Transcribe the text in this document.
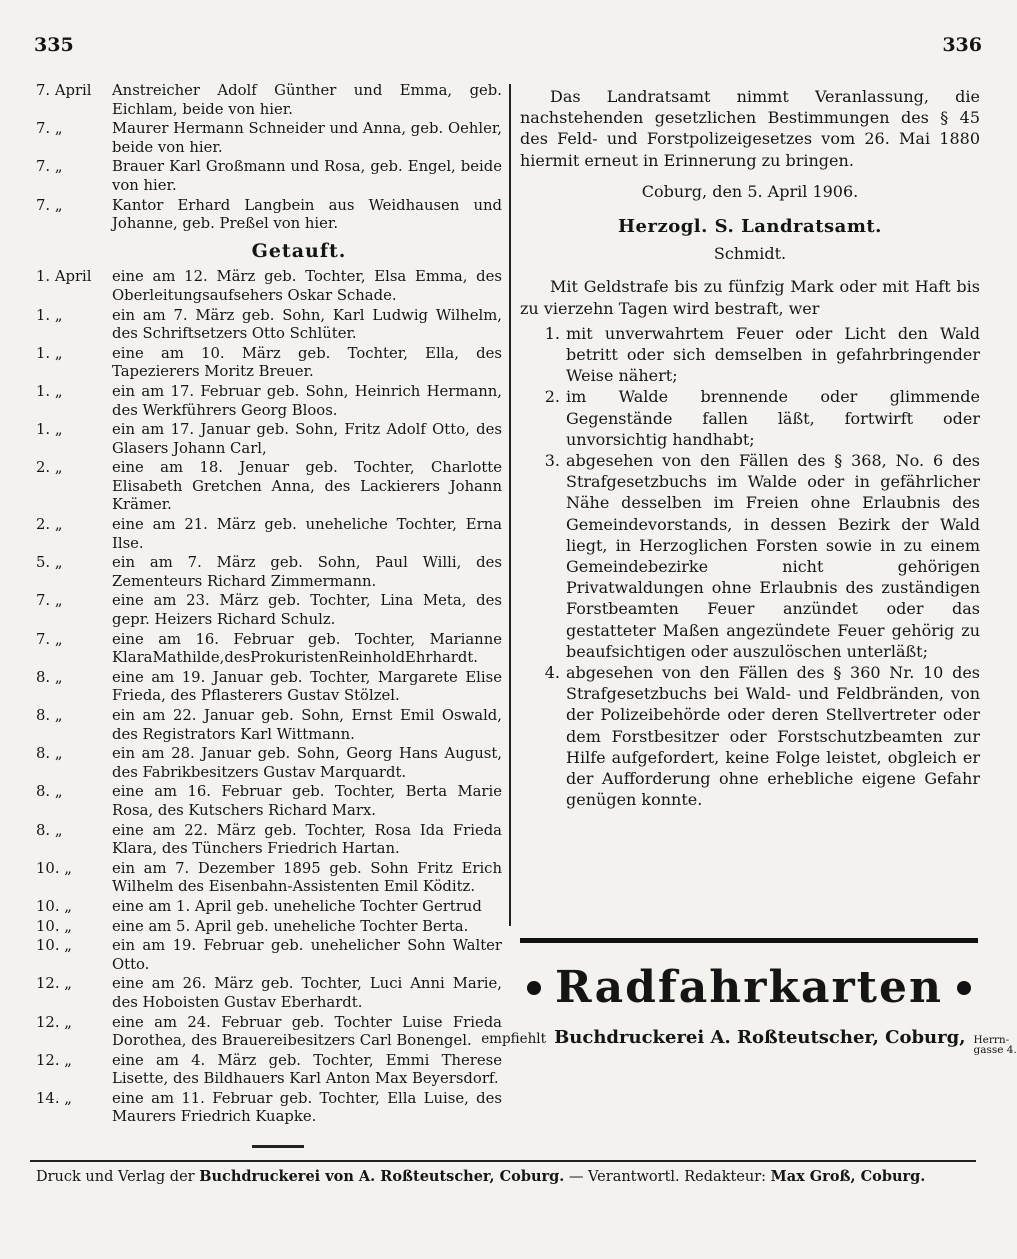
335	336
7. April	Anstreicher Adolf Günther und Emma, geb. Eichlam, beide von hier.
7. „	Maurer Hermann Schneider und Anna, geb. Oehler, beide von hier.
7. „	Brauer Karl Großmann und Rosa, geb. Engel, beide von hier.
7. „	Kantor Erhard Langbein aus Weidhausen und Johanne, geb. Preßel von hier.
Getauft.
1. April	eine am 12. März geb. Tochter, Elsa Emma, des Oberleitungsaufsehers Oskar Schade.
1. „	ein am 7. März geb. Sohn, Karl Ludwig Wilhelm, des Schriftsetzers Otto Schlüter.
1. „	eine am 10. März geb. Tochter, Ella, des Tapezierers Moritz Breuer.
1. „	ein am 17. Februar geb. Sohn, Heinrich Hermann, des Werkführers Georg Bloos.
1. „	ein am 17. Januar geb. Sohn, Fritz Adolf Otto, des Glasers Johann Carl,
2. „	eine am 18. Jenuar geb. Tochter, Charlotte Elisabeth Gretchen Anna, des Lackierers Johann Krämer.
2. „	eine am 21. März geb. uneheliche Tochter, Erna Ilse.
5. „	ein am 7. März geb. Sohn, Paul Willi, des Zementeurs Richard Zimmermann.
7. „	eine am 23. März geb. Tochter, Lina Meta, des gepr. Heizers Richard Schulz.
7. „	eine am 16. Februar geb. Tochter, Marianne KlaraMathilde,desProkuristenReinholdEhrhardt.
8. „	eine am 19. Januar geb. Tochter, Margarete Elise Frieda, des Pflasterers Gustav Stölzel.
8. „	ein am 22. Januar geb. Sohn, Ernst Emil Oswald, des Registrators Karl Wittmann.
8. „	ein am 28. Januar geb. Sohn, Georg Hans August, des Fabrikbesitzers Gustav Marquardt.
8. „	eine am 16. Februar geb. Tochter, Berta Marie Rosa, des Kutschers Richard Marx.
8. „	eine am 22. März geb. Tochter, Rosa Ida Frieda Klara, des Tünchers Friedrich Hartan.
10. „	ein am 7. Dezember 1895 geb. Sohn Fritz Erich Wilhelm des Eisenbahn-Assistenten Emil Köditz.
10. „	eine am 1. April geb. uneheliche Tochter Gertrud
10. „	eine am 5. April geb. uneheliche Tochter Berta.
10. „	ein am 19. Februar geb. unehelicher Sohn Walter Otto.
12. „	eine am 26. März geb. Tochter, Luci Anni Marie, des Hoboisten Gustav Eberhardt.
12. „	eine am 24. Februar geb. Tochter Luise Frieda Dorothea, des Brauereibesitzers Carl Bonengel.
12. „	eine am 4. März geb. Tochter, Emmi Therese Lisette, des Bildhauers Karl Anton Max Beyersdorf.
14. „	eine am 11. Februar geb. Tochter, Ella Luise, des Maurers Friedrich Kuapke.

Das Landratsamt nimmt Veranlassung, die nachstehenden gesetzlichen Bestimmungen des § 45 des Feld- und Forstpolizeigesetzes vom 26. Mai 1880 hiermit erneut in Erinnerung zu bringen.

Coburg, den 5. April 1906.
Herzogl. S. Landratsamt.
Schmidt.
Mit Geldstrafe bis zu fünfzig Mark oder mit Haft bis zu vierzehn Tagen wird bestraft, wer
1. mit unverwahrtem Feuer oder Licht den Wald betritt oder sich demselben in gefahrbringender Weise nähert;
2. im Walde brennende oder glimmende Gegenstände fallen läßt, fortwirft oder unvorsichtig handhabt;
3. abgesehen von den Fällen des § 368, No. 6 des Strafgesetzbuchs im Walde oder in gefährlicher Nähe desselben im Freien ohne Erlaubnis des Gemeindevorstands, in dessen Bezirk der Wald liegt, in Herzoglichen Forsten sowie in zu einem Gemeindebezirke nicht gehörigen Privatwaldungen ohne Erlaubnis des zuständigen Forstbeamten Feuer anzündet oder das gestatteter Maßen angezündete Feuer gehörig zu beaufsichtigen oder auszulöschen unterläßt;
4. abgesehen von den Fällen des § 360 Nr. 10 des Strafgesetzbuchs bei Wald- und Feldbränden, von der Polizeibehörde oder deren Stellvertreter oder dem Forstbesitzer oder Forstschutzbeamten zur Hilfe aufgefordert, keine Folge leistet, obgleich er der Aufforderung ohne erhebliche eigene Gefahr genügen konnte.
Radfahrkarten
empfiehlt Buchdruckerei A. Roßteutscher, Coburg, Herrn-
gasse 4.
Druck und Verlag der Buchdruckerei von A. Roßteutscher, Coburg. — Verantwortl. Redakteur: Max Groß, Coburg.
